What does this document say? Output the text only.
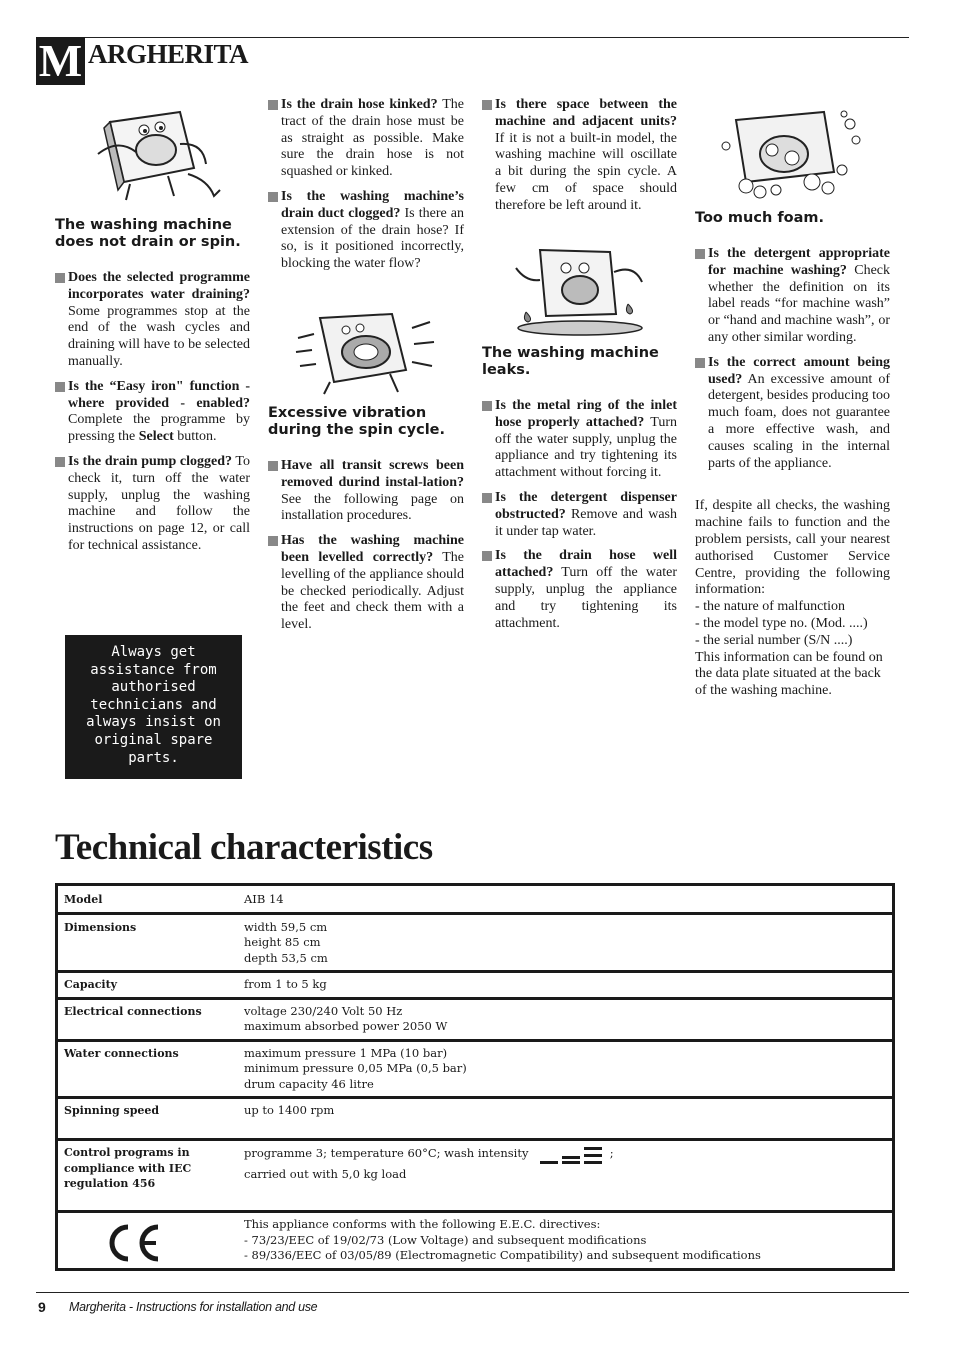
M ARGHERITA

The washing machine does not drain or spin.

Does the selected programme incorporates water draining? Some programmes stop at the end of the wash cycles and draining will have to be selected manually.

Is the “Easy iron" function -where provided - enabled? Complete the programme by pressing the Select button.

Is the drain pump clogged? To check it, turn off the water supply, unplug the washing machine and follow the instructions on page 12, or call for technical assistance.

Always get assistance from authorised technicians and always insist on original spare parts.

Is the drain hose kinked? The tract of the drain hose must be as straight as possible. Make sure the drain hose is not squashed or kinked.

Is the washing machine’s drain duct clogged? Is there an extension of the drain hose? If so, is it positioned incorrectly, blocking the water flow?

Excessive vibration during the spin cycle.

Have all transit screws been removed durind instal-lation? See the following page on installation procedures.

Has the washing machine been levelled correctly? The levelling of the appliance should be checked periodically. Adjust the feet and check them with a level.

Is there space between the machine and adjacent units? If it is not a built-in model, the washing machine will oscillate a bit during the spin cycle. A few cm of space should therefore be left around it.

The washing machine leaks.

Is the metal ring of the inlet hose properly attached? Turn off the water supply, unplug the appliance and try tightening its attachment without forcing it.

Is the detergent dispenser obstructed? Remove and wash it under tap water.

Is the drain hose well attached? Turn off the water supply, unplug the appliance and try tightening its attachment.

Too much foam.

Is the detergent appropriate for machine washing? Check whether the definition on its label reads “for machine wash” or “hand and machine wash”, or any other similar wording.

Is the correct amount being used? An excessive amount of detergent, besides producing too much foam, does not guarantee a more effective wash, and causes scaling in the internal parts of the appliance.

If, despite all checks, the washing machine fails to function and the problem persists, call your nearest authorised Customer Service Centre, providing the following information:

- the nature of malfunction
- the model type no. (Mod. ....)
- the serial number (S/N ....)

This information can be found on the data plate situated at the back of the washing machine.

Technical characteristics
Model	AIB 14

Dimensions	width 59,5 cm
height 85 cm
depth 53,5 cm

Capacity	from 1 to 5 kg

Electrical connections	voltage 230/240 Volt 50 Hz
maximum absorbed power 2050 W

Water connections	maximum pressure 1 MPa (10 bar)
minimum pressure 0,05 MPa (0,5 bar)
drum capacity 46 litre

Spinning speed	up to 1400 rpm

Control programs in compliance with IEC regulation 456	programme 3; temperature 60°C; wash intensity ;
carried out with 5,0 kg load

This appliance conforms with the following E.E.C. directives:
- 73/23/EEC of 19/02/73 (Low Voltage) and subsequent modifications
- 89/336/EEC of 03/05/89 (Electromagnetic Compatibility) and subsequent modifications
9 Margherita - Instructions for installation and use
